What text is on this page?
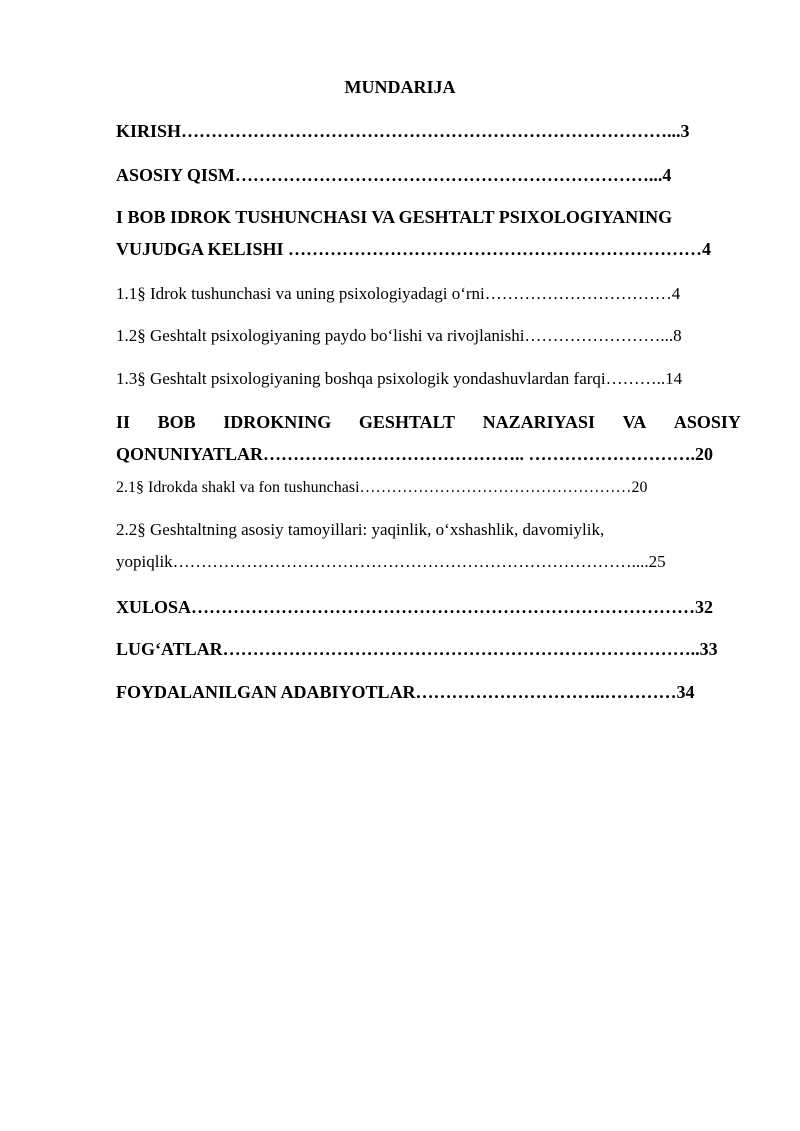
MUNDARIJA
KIRISH………………………………………………………………………...3
ASOSIY QISM……………………………………………………………...4
I BOB IDROK TUSHUNCHASI VA GESHTALT PSIXOLOGIYANING
VUJUDGA KELISHI ……………………………………………………………4
1.1§ Idrok tushunchasi va uning psixologiyadagi oʻrni……………………………4
1.2§ Geshtalt psixologiyaning paydo boʻlishi va rivojlanishi……………………...8
1.3§ Geshtalt psixologiyaning boshqa psixologik yondashuvlardan farqi………..14
II BOB IDROKNING GESHTALT NAZARIYASI VA ASOSIY
QONUNIYATLAR…………………………………….. ……………………….20
2.1§ Idrokda shakl va fon tushunchasi……………………………………………20
2.2§ Geshtaltning asosiy tamoyillari: yaqinlik, oʻxshashlik, davomiylik,
yopiqlik………………………………………………………………………....25
XULOSA…………………………………………………………………………32
LUGʻATLAR……………………………………………………………………..33
FOYDALANILGAN ADABIYOTLAR…………………………..…………34
